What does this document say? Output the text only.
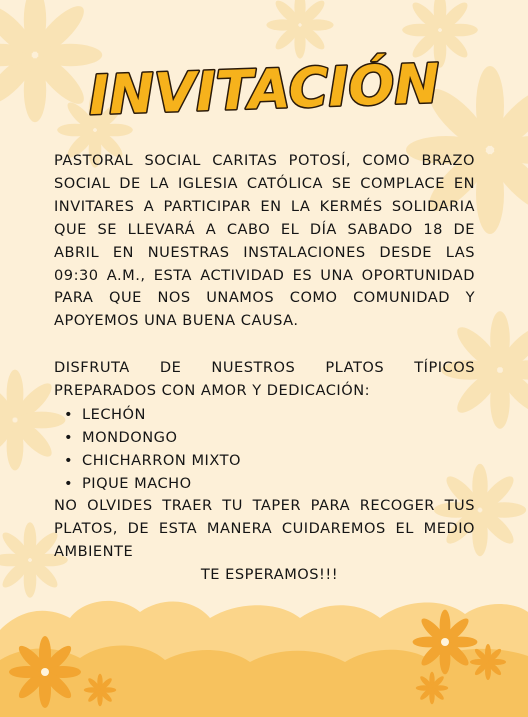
INVITACIÓN

PASTORAL SOCIAL CARITAS POTOSÍ, COMO BRAZO SOCIAL DE LA IGLESIA CATÓLICA SE COMPLACE EN INVITARES A PARTICIPAR EN LA KERMÉS SOLIDARIA QUE SE LLEVARÁ A CABO EL DÍA SABADO 18 DE ABRIL EN NUESTRAS INSTALACIONES DESDE LAS 09:30 A.M., ESTA ACTIVIDAD ES UNA OPORTUNIDAD PARA QUE NOS UNAMOS COMO COMUNIDAD Y APOYEMOS UNA BUENA CAUSA.

DISFRUTA DE NUESTROS PLATOS TÍPICOS PREPARADOS CON AMOR Y DEDICACIÓN:

• LECHÓN
• MONDONGO
• CHICHARRON MIXTO
• PIQUE MACHO

NO OLVIDES TRAER TU TAPER PARA RECOGER TUS PLATOS, DE ESTA MANERA CUIDAREMOS EL MEDIO AMBIENTE

TE ESPERAMOS!!!
